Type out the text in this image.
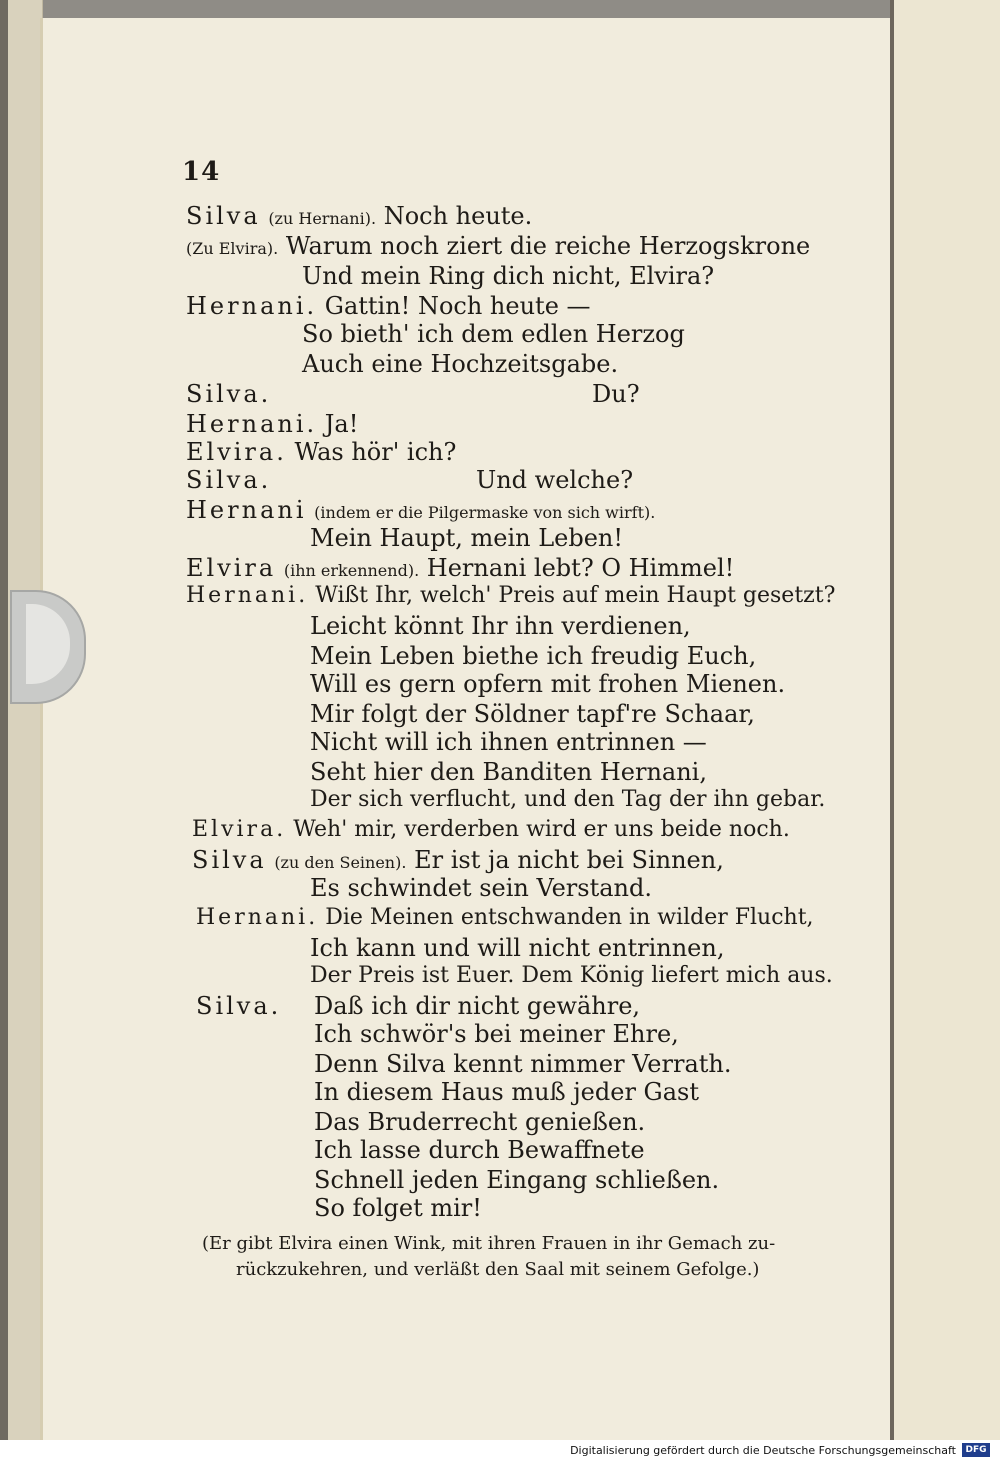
14
Silva (zu Hernani). Noch heute.
(Zu Elvira). Warum noch ziert die reiche Herzogskrone
Und mein Ring dich nicht, Elvira?
Hernani. Gattin! Noch heute —
So bieth' ich dem edlen Herzog
Auch eine Hochzeitsgabe.
Silva.	Du?
Hernani. Ja!
Elvira. Was hör' ich?
Silva.	Und welche?
Hernani (indem er die Pilgermaske von sich wirft).
Mein Haupt, mein Leben!
Elvira (ihn erkennend). Hernani lebt? O Himmel!
Hernani. Wißt Ihr, welch' Preis auf mein Haupt gesetzt?
Leicht könnt Ihr ihn verdienen,
Mein Leben biethe ich freudig Euch,
Will es gern opfern mit frohen Mienen.
Mir folgt der Söldner tapf're Schaar,
Nicht will ich ihnen entrinnen —
Seht hier den Banditen Hernani,
Der sich verflucht, und den Tag der ihn gebar.
Elvira. Weh' mir, verderben wird er uns beide noch.
Silva (zu den Seinen). Er ist ja nicht bei Sinnen,
Es schwindet sein Verstand.
Hernani. Die Meinen entschwanden in wilder Flucht,
Ich kann und will nicht entrinnen,
Der Preis ist Euer. Dem König liefert mich aus.
Silva. Daß ich dir nicht gewähre,
Ich schwör's bei meiner Ehre,
Denn Silva kennt nimmer Verrath.
In diesem Haus muß jeder Gast
Das Bruderrecht genießen.
Ich lasse durch Bewaffnete
Schnell jeden Eingang schließen.
So folget mir!
(Er gibt Elvira einen Wink, mit ihren Frauen in ihr Gemach zu-
rückzukehren, und verläßt den Saal mit seinem Gefolge.)
Digitalisierung gefördert durch die Deutsche Forschungsgemeinschaft	DFG
